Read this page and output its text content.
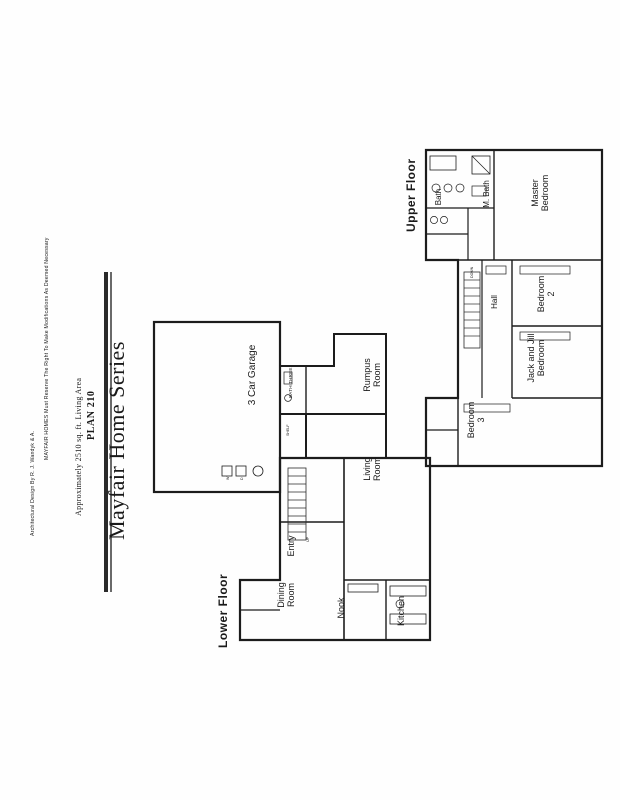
Mayfair Home Series
PLAN 210
Approximately 2510 sq. ft. Living Area
MAYFAIR HOMES Must Reserve The Right To Make Modifications As Deemed Necessary
Architectural Design By R. J. Wandyk & A.
Upper Floor
Lower Floor
Master
Bedroom
M. Bath
Bath
Bedroom
2
Jack and Jill
Bedroom
Bedroom
3
Hall
DOWN
3 Car Garage	Rumpus
Room
Living
Room
Dining
Room
Nook	Kitchen
Entry
BATH THREE
UP
W	D
SHELF
